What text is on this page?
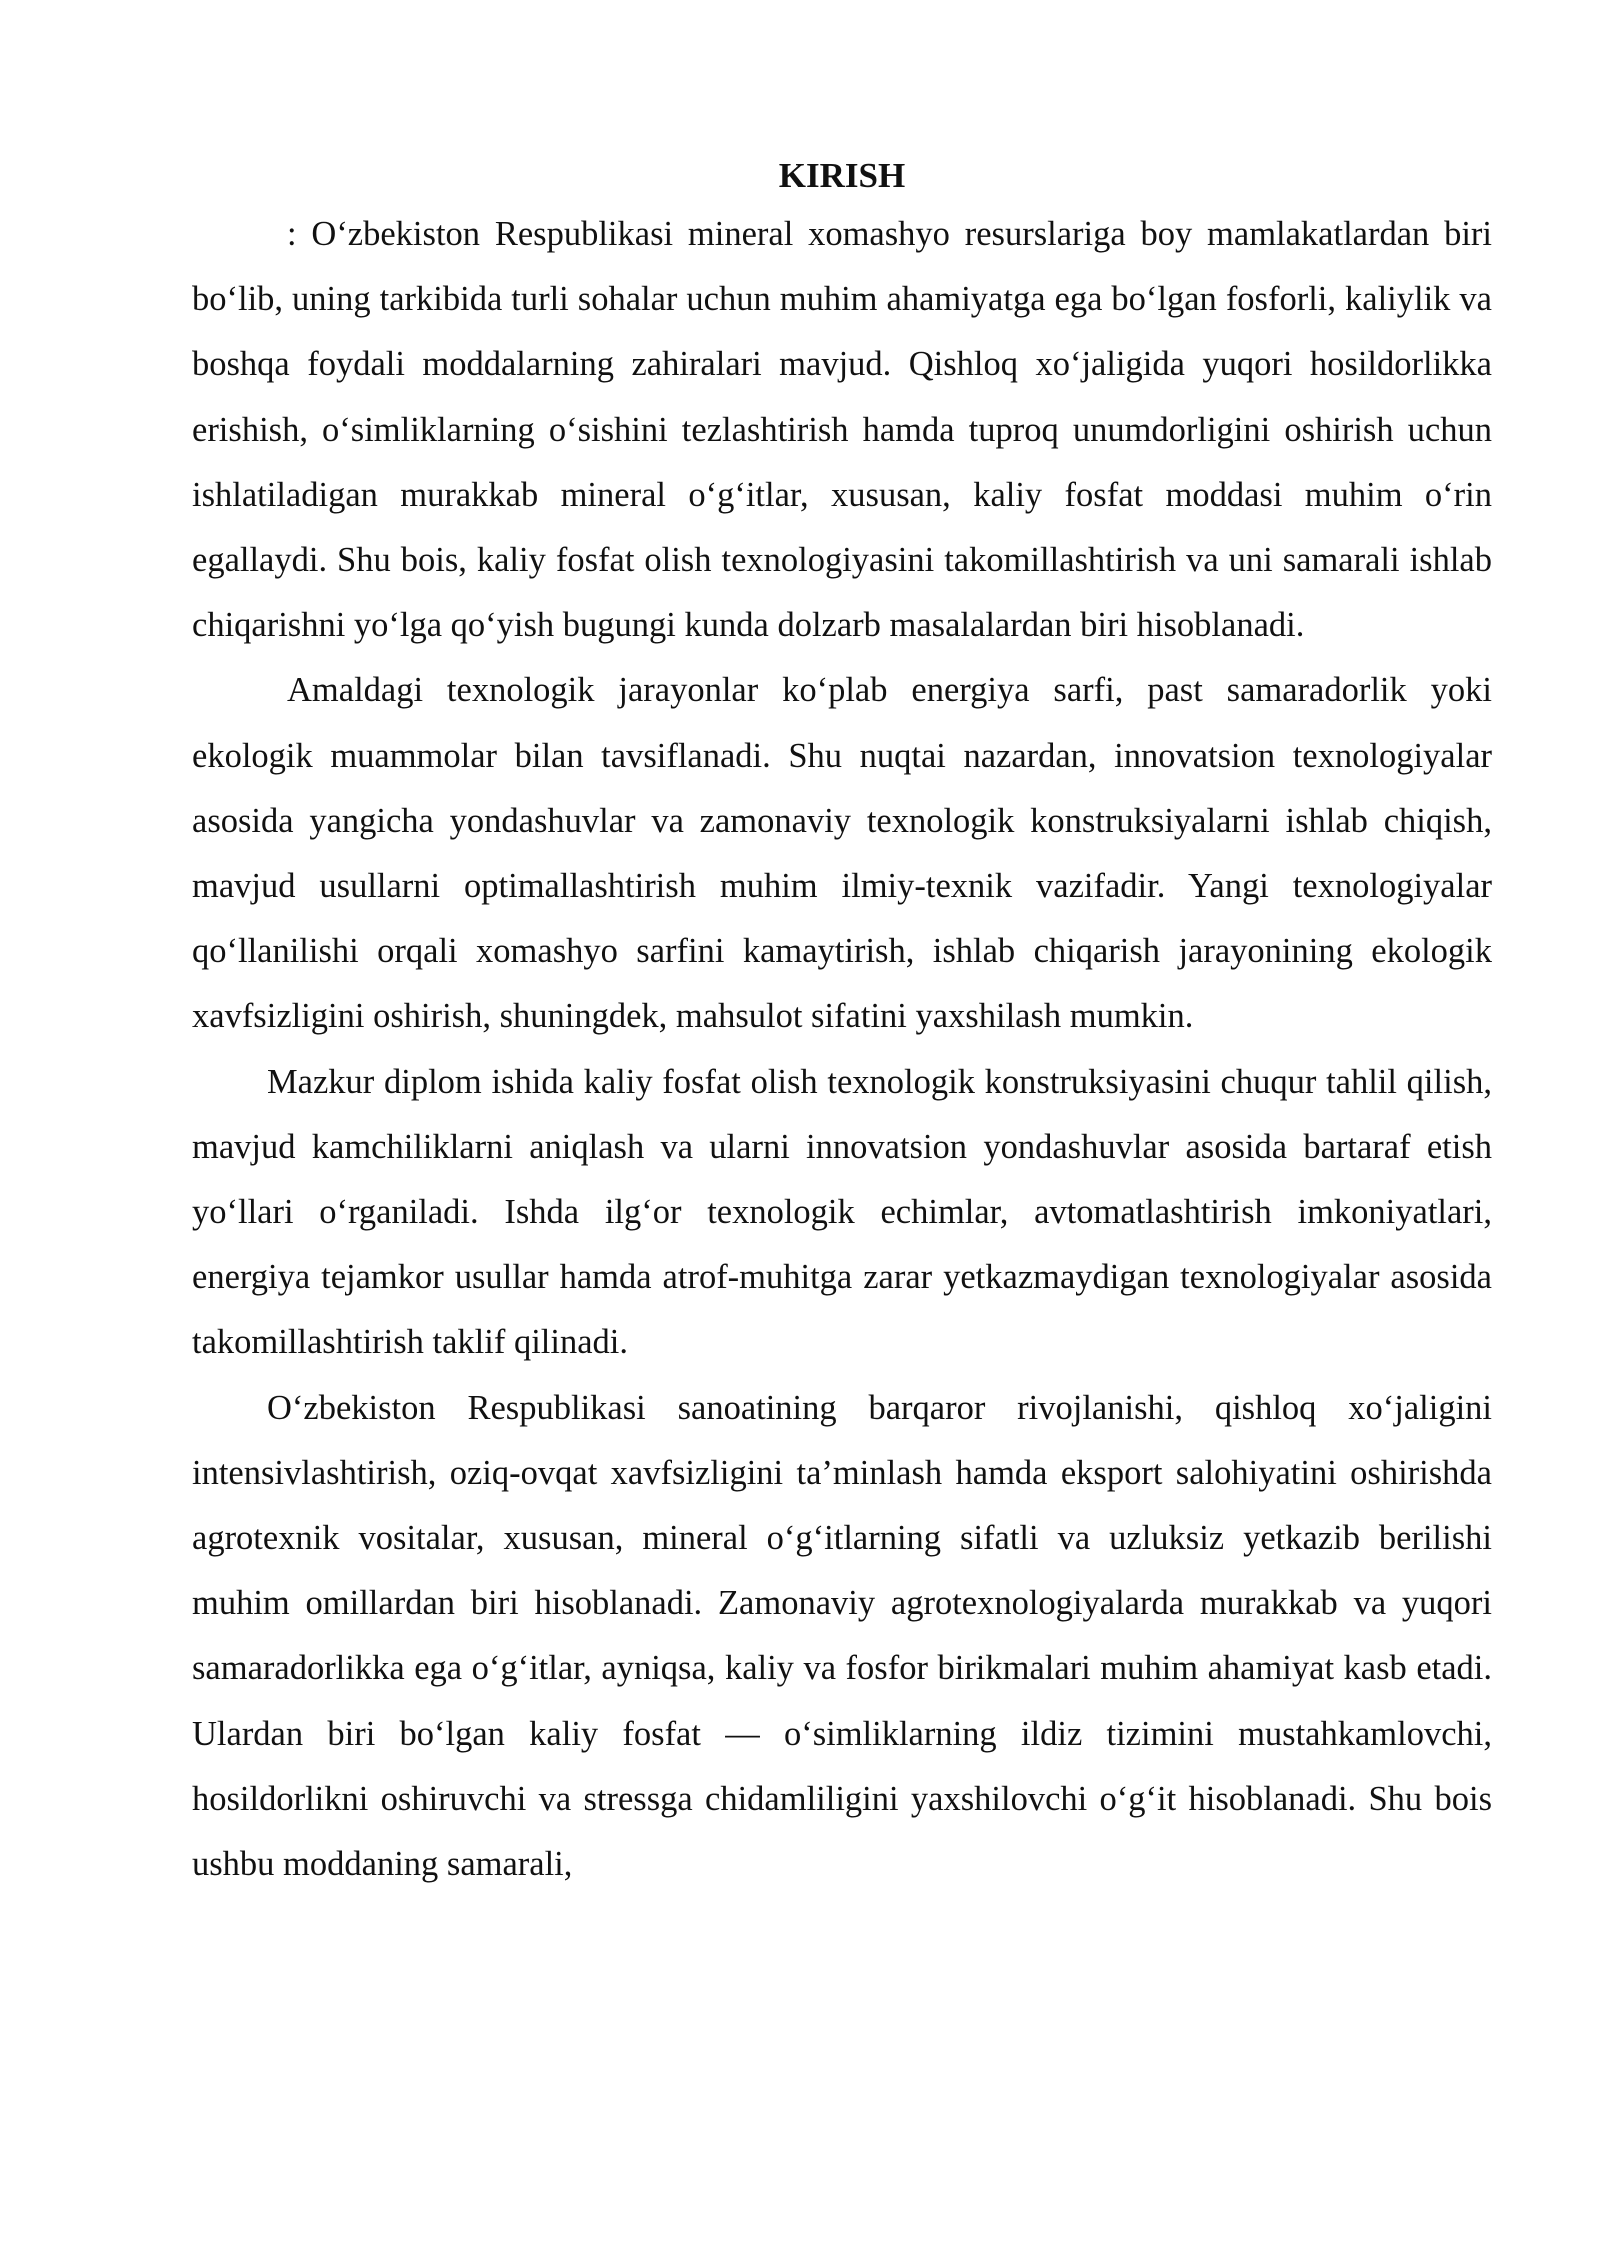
KIRISH

: O‘zbekiston Respublikasi mineral xomashyo resurslariga boy mamlakatlardan biri bo‘lib, uning tarkibida turli sohalar uchun muhim ahamiyatga ega bo‘lgan fosforli, kaliylik va boshqa foydali moddalarning zahiralari mavjud. Qishloq xo‘jaligida yuqori hosildorlikka erishish, o‘simliklarning o‘sishini tezlashtirish hamda tuproq unumdorligini oshirish uchun ishlatiladigan murakkab mineral o‘g‘itlar, xususan, kaliy fosfat moddasi muhim o‘rin egallaydi. Shu bois, kaliy fosfat olish texnologiyasini takomillashtirish va uni samarali ishlab chiqarishni yo‘lga qo‘yish bugungi kunda dolzarb masalalardan biri hisoblanadi.

Amaldagi texnologik jarayonlar ko‘plab energiya sarfi, past samaradorlik yoki ekologik muammolar bilan tavsiflanadi. Shu nuqtai nazardan, innovatsion texnologiyalar asosida yangicha yondashuvlar va zamonaviy texnologik konstruksiyalarni ishlab chiqish, mavjud usullarni optimallashtirish muhim ilmiy-texnik vazifadir. Yangi texnologiyalar qo‘llanilishi orqali xomashyo sarfini kamaytirish, ishlab chiqarish jarayonining ekologik xavfsizligini oshirish, shuningdek, mahsulot sifatini yaxshilash mumkin.

Mazkur diplom ishida kaliy fosfat olish texnologik konstruksiyasini chuqur tahlil qilish, mavjud kamchiliklarni aniqlash va ularni innovatsion yondashuvlar asosida bartaraf etish yo‘llari o‘rganiladi. Ishda ilg‘or texnologik echimlar, avtomatlashtirish imkoniyatlari, energiya tejamkor usullar hamda atrof-muhitga zarar yetkazmaydigan texnologiyalar asosida takomillashtirish taklif qilinadi.

O‘zbekiston Respublikasi sanoatining barqaror rivojlanishi, qishloq xo‘jaligini intensivlashtirish, oziq-ovqat xavfsizligini ta’minlash hamda eksport salohiyatini oshirishda agrotexnik vositalar, xususan, mineral o‘g‘itlarning sifatli va uzluksiz yetkazib berilishi muhim omillardan biri hisoblanadi. Zamonaviy agrotexnologiyalarda murakkab va yuqori samaradorlikka ega o‘g‘itlar, ayniqsa, kaliy va fosfor birikmalari muhim ahamiyat kasb etadi. Ulardan biri bo‘lgan kaliy fosfat — o‘simliklarning ildiz tizimini mustahkamlovchi, hosildorlikni oshiruvchi va stressga chidamliligini yaxshilovchi o‘g‘it hisoblanadi. Shu bois ushbu moddaning samarali,
